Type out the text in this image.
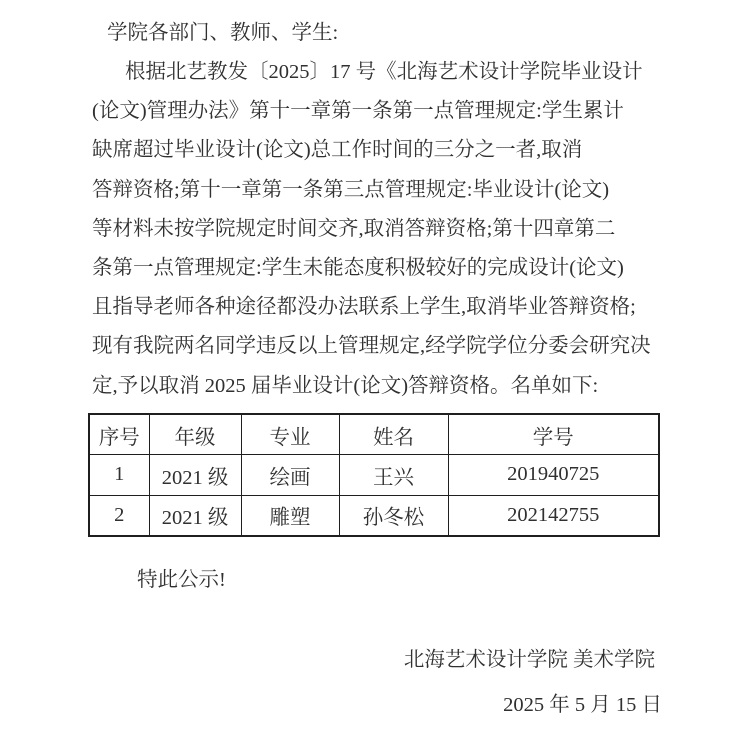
学院各部门、教师、学生:
根据北艺教发〔2025〕17 号《北海艺术设计学院毕业设计
(论文)管理办法》第十一章第一条第一点管理规定:学生累计
缺席超过毕业设计(论文)总工作时间的三分之一者,取消
答辩资格;第十一章第一条第三点管理规定:毕业设计(论文)
等材料未按学院规定时间交齐,取消答辩资格;第十四章第二
条第一点管理规定:学生未能态度积极较好的完成设计(论文)
且指导老师各种途径都没办法联系上学生,取消毕业答辩资格;
现有我院两名同学违反以上管理规定,经学院学位分委会研究决
定,予以取消 2025 届毕业设计(论文)答辩资格。名单如下:
序号	年级	专业	姓名	学号
1	2021 级	绘画	王兴	201940725
2	2021 级	雕塑	孙冬松	202142755
特此公示!
北海艺术设计学院 美术学院
2025 年 5 月 15 日
